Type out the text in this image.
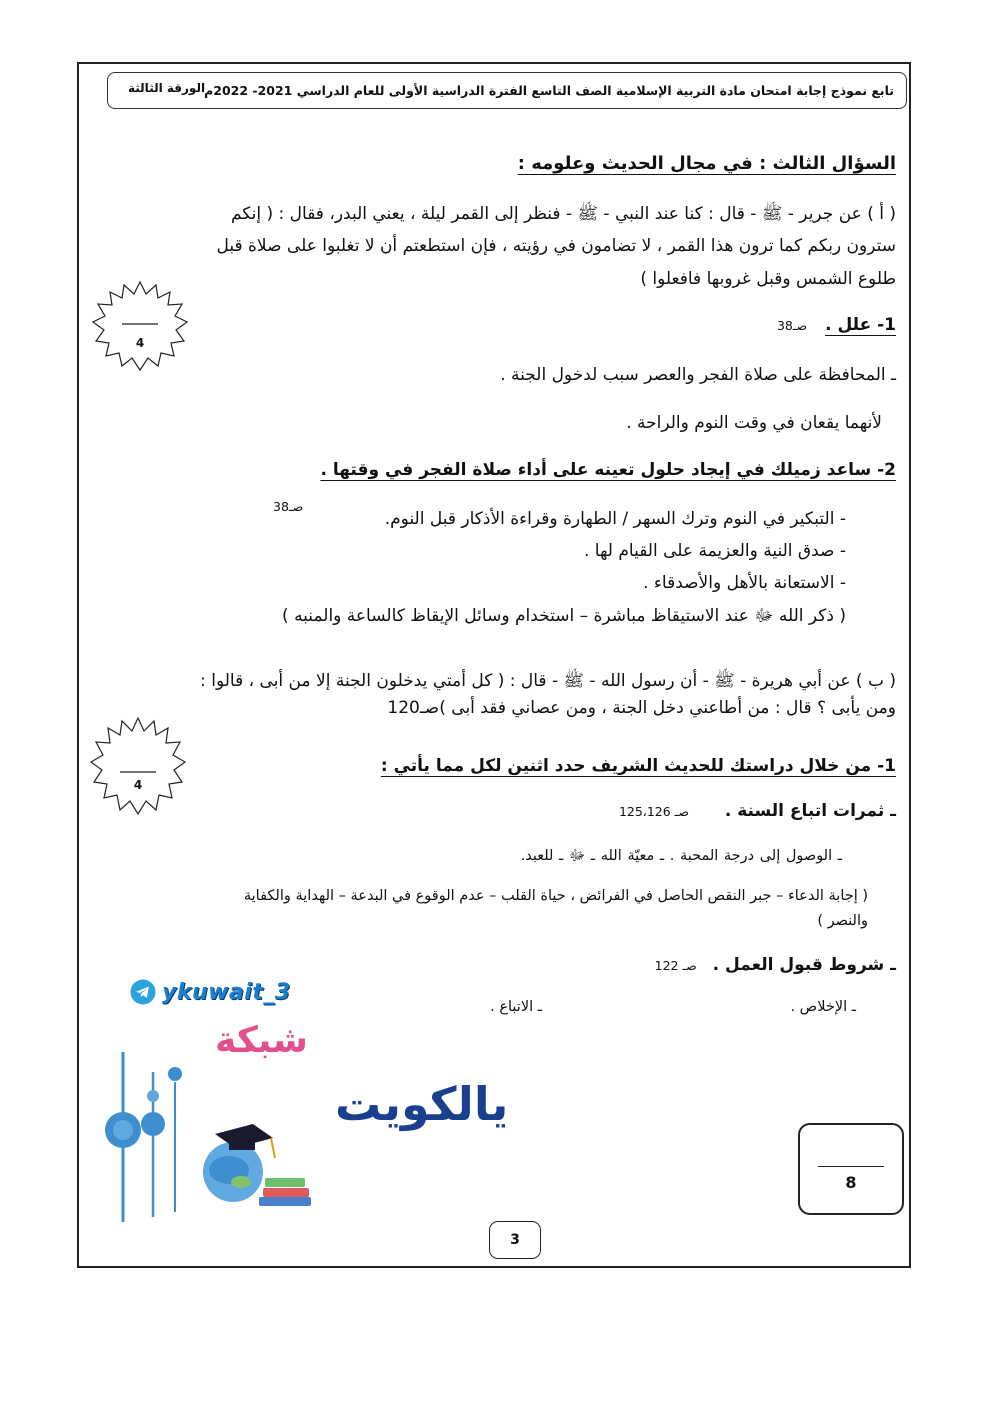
تابع نموذج إجابة امتحان مادة التربية الإسلامية الصف التاسع الفترة الدراسية الأولى للعام الدراسي 2021- 2022م
الورقة الثالثة
السؤال الثالث : في مجال الحديث وعلومه :
( أ ) عن جرير - ﷺ - قال : كنا عند النبي - ﷺ - فنظر إلى القمر ليلة ، يعني البدر، فقال : ( إنكم
سترون ربكم كما ترون هذا القمر ، لا تضامون في رؤيته ، فإن استطعتم أن لا تغلبوا على صلاة قبل
طلوع الشمس وقبل غروبها فافعلوا )
4
1- علل . صـ38
ـ المحافظة على صلاة الفجر والعصر سبب لدخول الجنة .
لأنهما يقعان في وقت النوم والراحة .
2- ساعد زميلك في إيجاد حلول تعينه على أداء صلاة الفجر في وقتها .
صـ38
- التبكير في النوم وترك السهر / الطهارة وقراءة الأذكار قبل النوم.
- صدق النية والعزيمة على القيام لها .
- الاستعانة بالأهل والأصدقاء .
( ذكر الله ﷻ عند الاستيقاظ مباشرة – استخدام وسائل الإيقاظ كالساعة والمنبه )
( ب ) عن أبي هريرة - ﷺ - أن رسول الله - ﷺ - قال : ( كل أمتي يدخلون الجنة إلا من أبى ، قالوا :
ومن يأبى ؟ قال : من أطاعني دخل الجنة ، ومن عصاني فقد أبى )صـ120
4
1- من خلال دراستك للحديث الشريف حدد اثنين لكل مما يأتي :
ـ ثمرات اتباع السنة . صـ 125،126
ـ الوصول إلى درجة المحبة . ـ معيّة الله ـ ﷻ ـ للعبد.
( إجابة الدعاء – جبر النقص الحاصل في الفرائض ، حياة القلب – عدم الوقوع في البدعة – الهداية والكفاية
والنصر )
ـ شروط قبول العمل . صـ 122
ـ الإخلاص .
ـ الاتباع .
ykuwait_3
شبكة
يالكويت
8
3
